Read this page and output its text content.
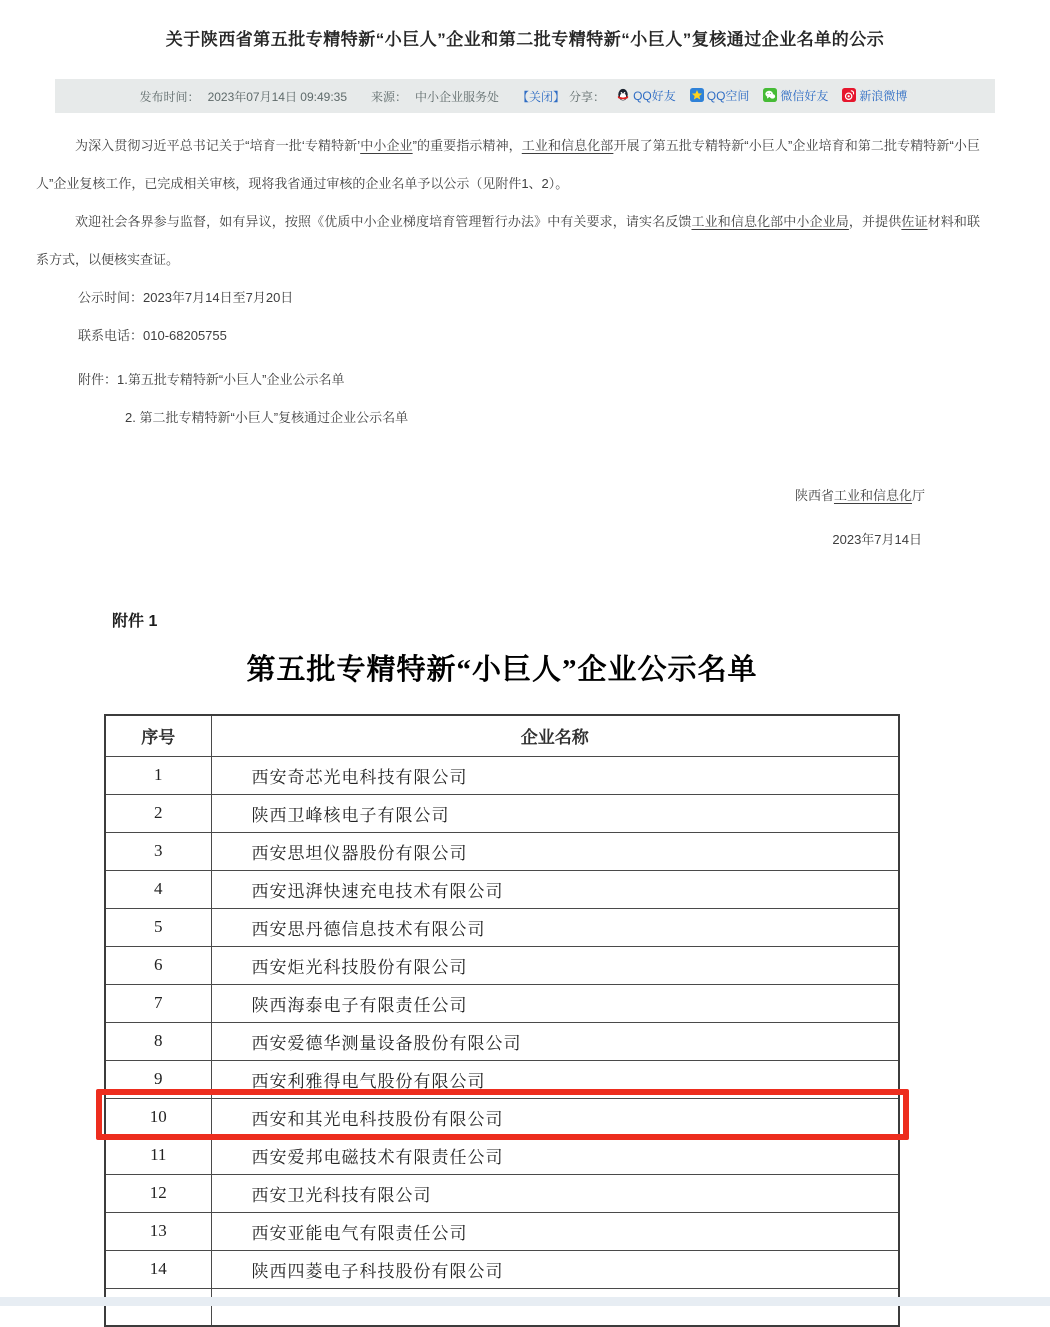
关于陕西省第五批专精特新“小巨人”企业和第二批专精特新“小巨人”复核通过企业名单的公示
发布时间： 2023年07月14日 09:49:35 来源： 中小企业服务处 【关闭】 分享： QQ好友	QQ空间	微信好友	新浪微博

为深入贯彻习近平总书记关于“培育一批‘专精特新’中小企业”的重要指示精神，工业和信息化部开展了第五批专精特新“小巨人”企业培育和第二批专精特新“小巨人”企业复核工作，已完成相关审核，现将我省通过审核的企业名单予以公示（见附件1、2）。

欢迎社会各界参与监督，如有异议，按照《优质中小企业梯度培育管理暂行办法》中有关要求，请实名反馈工业和信息化部中小企业局，并提供佐证材料和联系方式，以便核实查证。

公示时间：2023年7月14日至7月20日
联系电话：010-68205755
附件：1.第五批专精特新“小巨人”企业公示名单
2. 第二批专精特新“小巨人”复核通过企业公示名单
陕西省工业和信息化厅
2023年7月14日
附件 1
第五批专精特新“小巨人”企业公示名单
序号	企业名称
1	西安奇芯光电科技有限公司
2	陕西卫峰核电子有限公司
3	西安思坦仪器股份有限公司
4	西安迅湃快速充电技术有限公司
5	西安思丹德信息技术有限公司
6	西安炬光科技股份有限公司
7	陕西海泰电子有限责任公司
8	西安爱德华测量设备股份有限公司
9	西安利雅得电气股份有限公司
10	西安和其光电科技股份有限公司
11	西安爱邦电磁技术有限责任公司
12	西安卫光科技有限公司
13	西安亚能电气有限责任公司
14	陕西四菱电子科技股份有限公司
